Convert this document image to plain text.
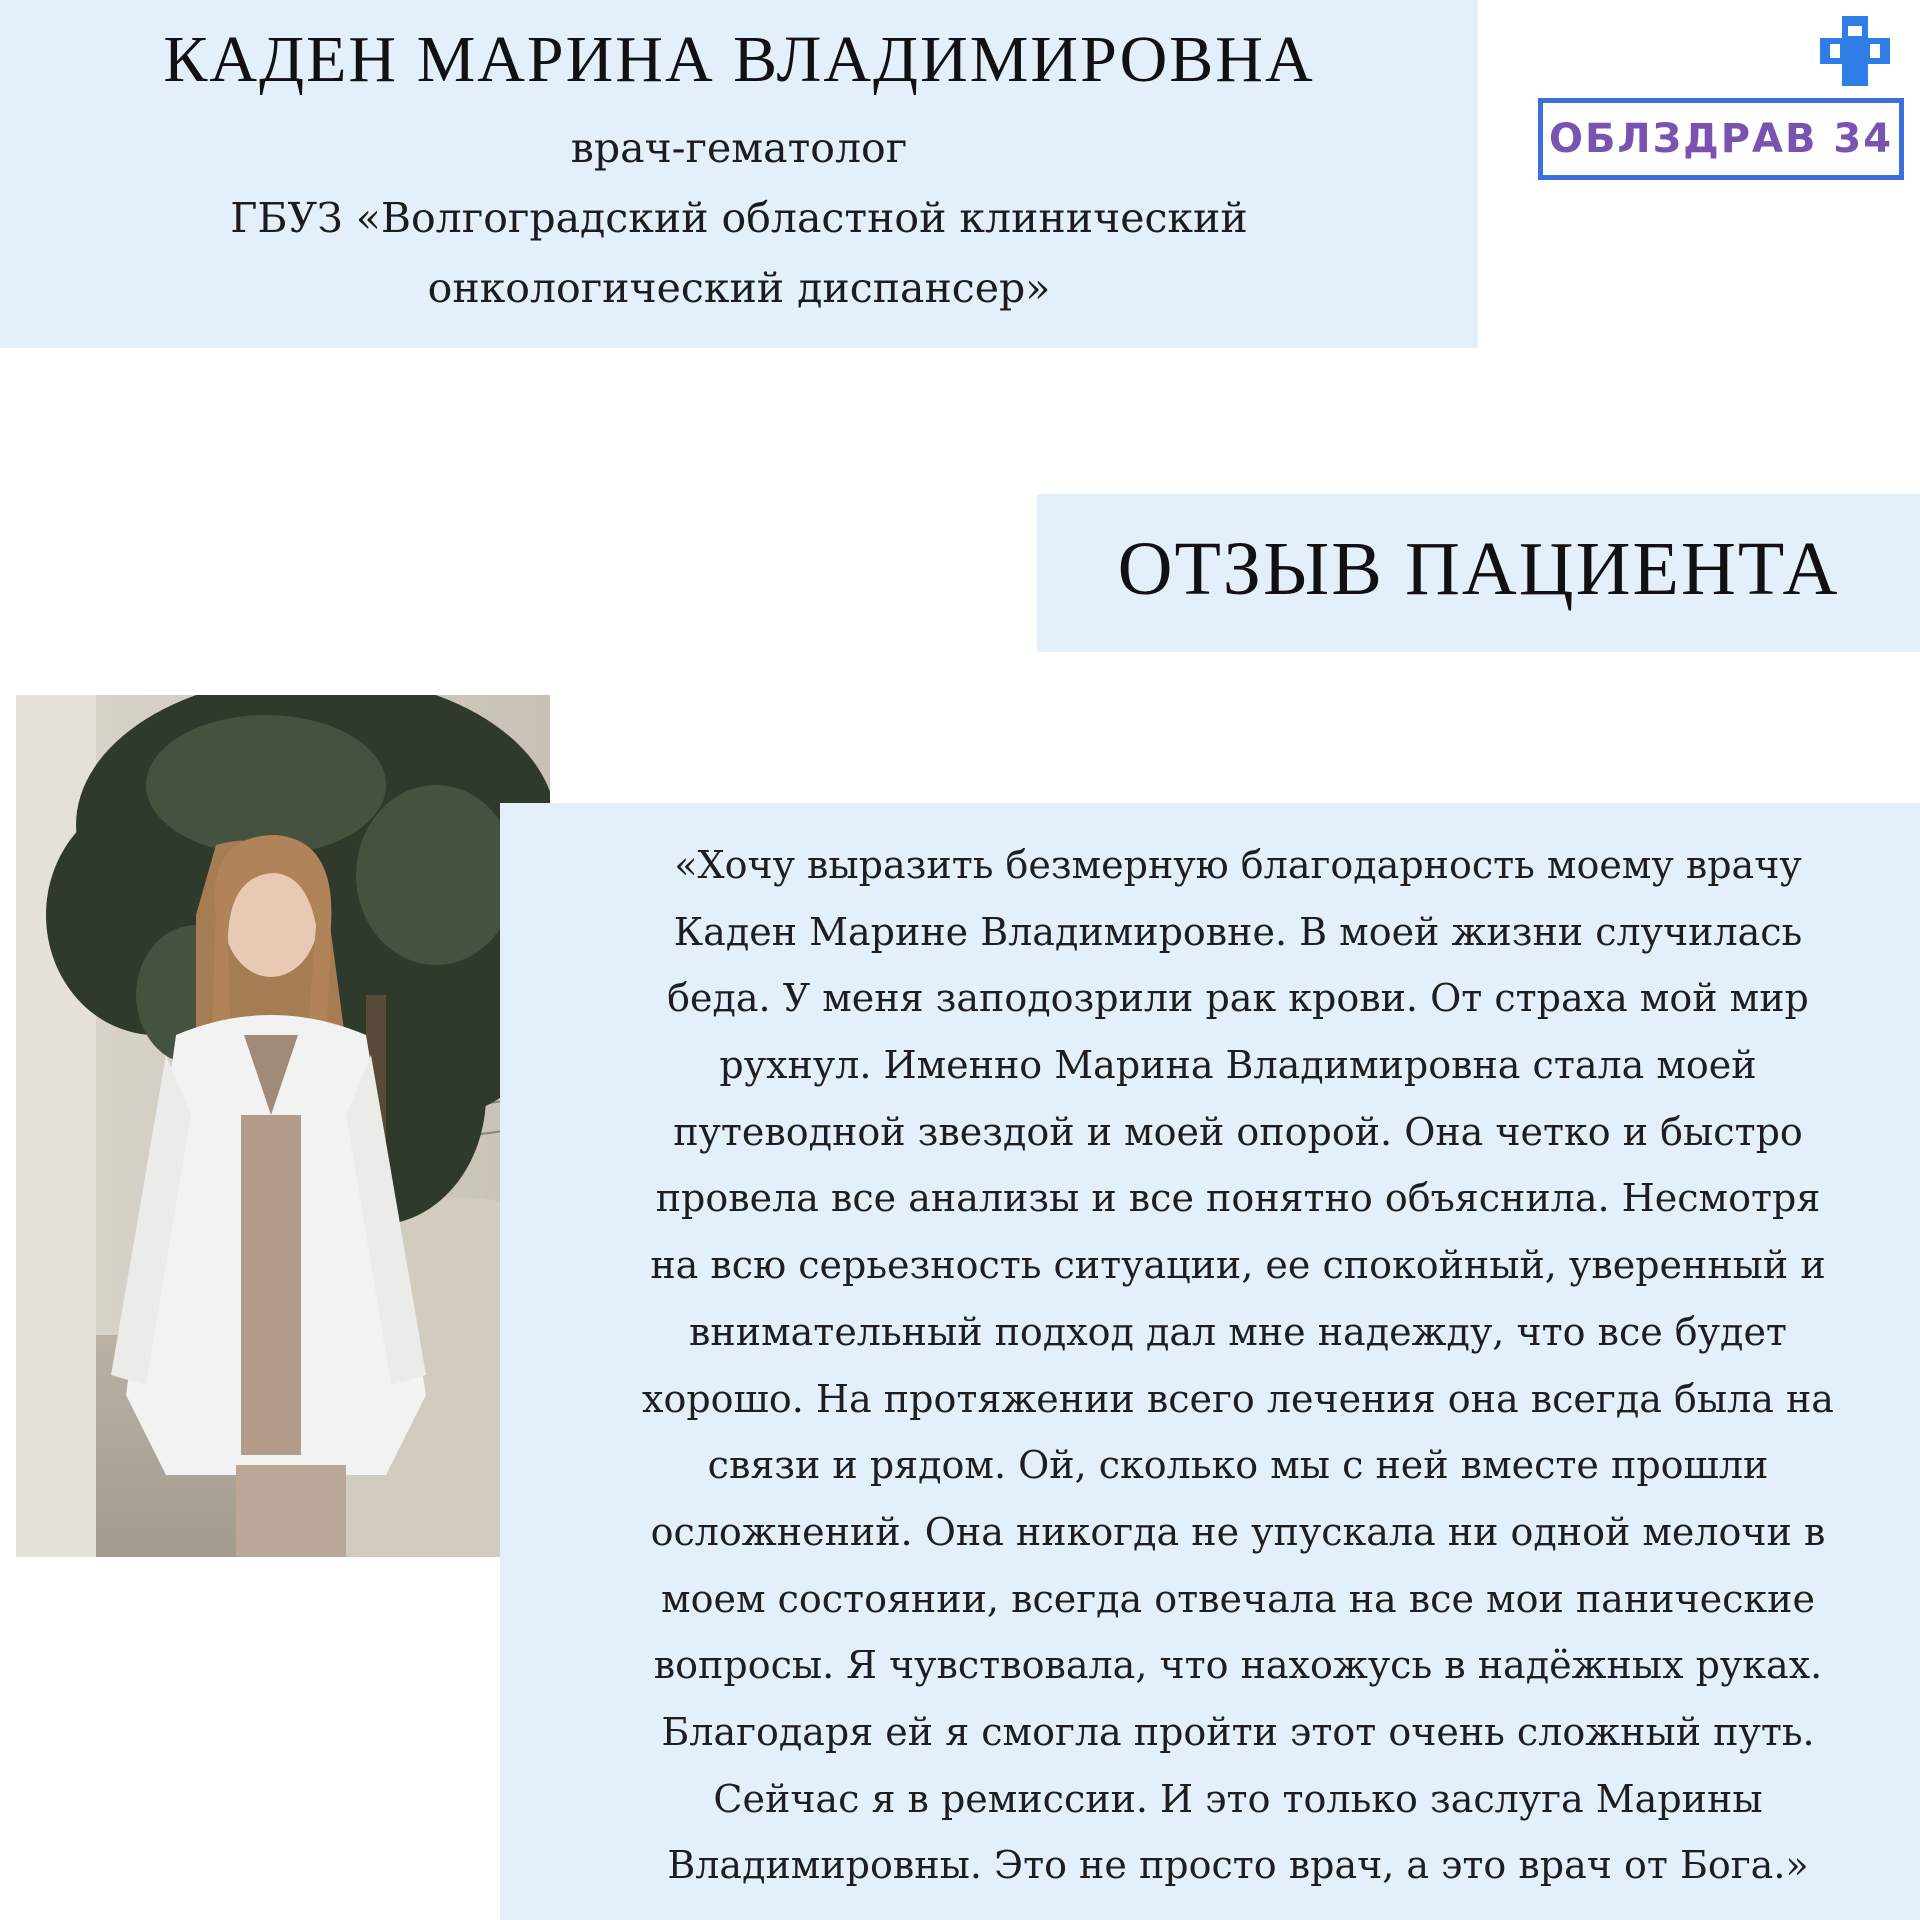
КАДЕН МАРИНА ВЛАДИМИРОВНА
врач-гематолог
ГБУЗ «Волгоградский областной клинический
онкологический диспансер»
ОБЛЗДРАВ 34
ОТЗЫВ ПАЦИЕНТА
«Хочу выразить безмерную благодарность моему врачу
Каден Марине Владимировне. В моей жизни случилась
беда. У меня заподозрили рак крови. От страха мой мир
рухнул. Именно Марина Владимировна стала моей
путеводной звездой и моей опорой. Она четко и быстро
провела все анализы и все понятно объяснила. Несмотря
на всю серьезность ситуации, ее спокойный, уверенный и
внимательный подход дал мне надежду, что все будет
хорошо. На протяжении всего лечения она всегда была на
связи и рядом. Ой, сколько мы с ней вместе прошли
осложнений. Она никогда не упускала ни одной мелочи в
моем состоянии, всегда отвечала на все мои панические
вопросы. Я чувствовала, что нахожусь в надёжных руках.
Благодаря ей я смогла пройти этот очень сложный путь.
Сейчас я в ремиссии. И это только заслуга Марины
Владимировны. Это не просто врач, а это врач от Бога.»
